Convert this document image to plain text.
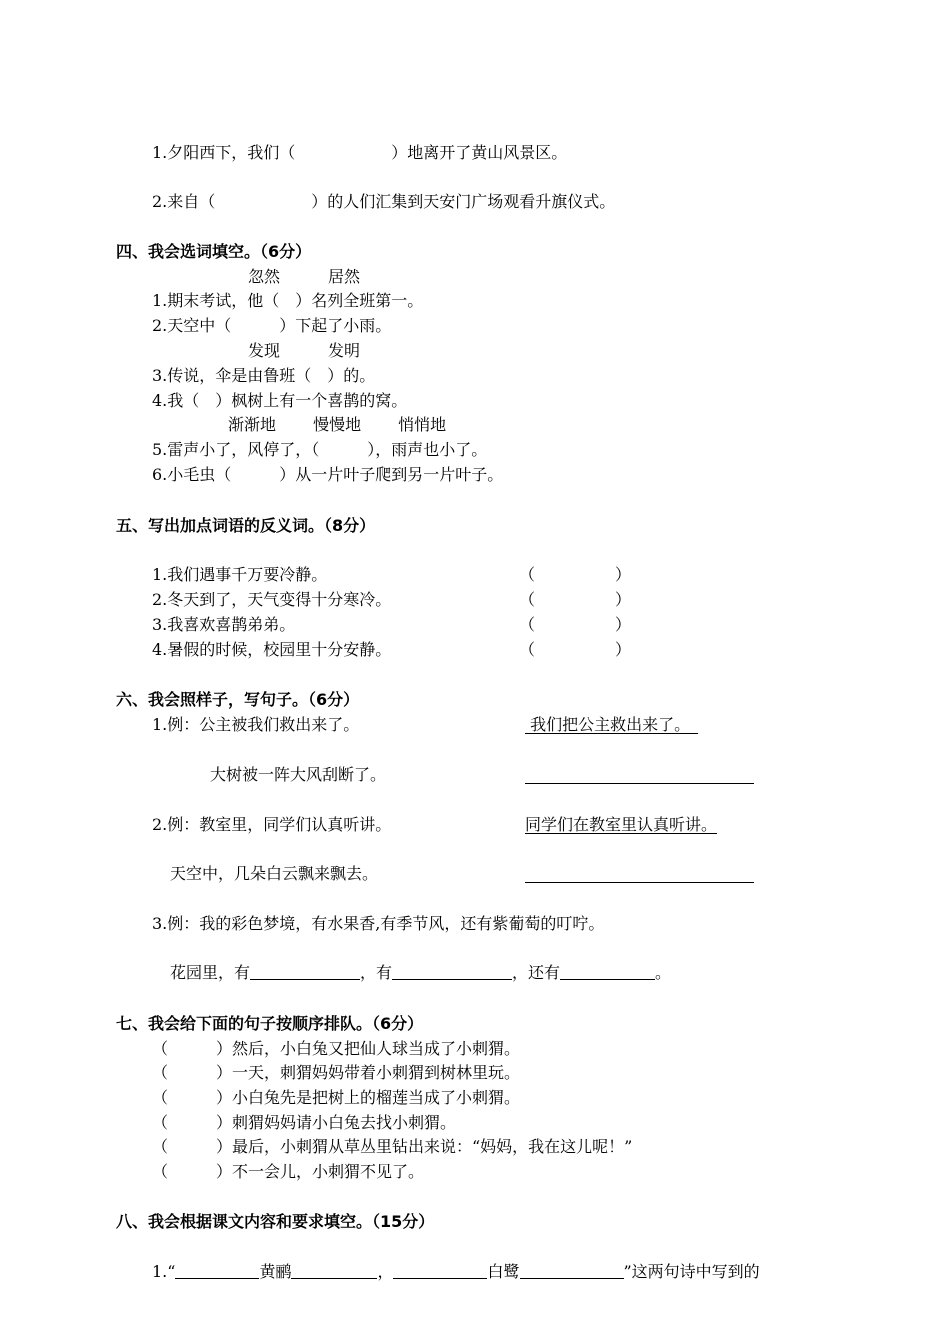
1.夕阳西下，我们（　　　　　　）地离开了黄山风景区。
2.来自（　　　　　　）的人们汇集到天安门广场观看升旗仪式。
四、我会选词填空。（6分）
忽然　　　居然
1.期末考试，他（　）名列全班第一。
2.天空中（　　　）下起了小雨。
发现　　　发明
3.传说，伞是由鲁班（　）的。
4.我（　）枫树上有一个喜鹊的窝。
渐渐地　　 慢慢地　　 悄悄地
5.雷声小了，风停了，（　　　），雨声也小了。
6.小毛虫（　　　）从一片叶子爬到另一片叶子。
五、写出加点词语的反义词。（8分）
1.我们遇事千万要冷静。	（　　　　　）
2.冬天到了，天气变得十分寒冷。	（　　　　　）
3.我喜欢喜鹊弟弟。	（　　　　　）
4.暑假的时候，校园里十分安静。	（　　　　　）
六、我会照样子，写句子。（6分）
1.例：公主被我们救出来了。	我们把公主救出来了。　
大树被一阵大风刮断了。
2.例：教室里，同学们认真听讲。	同学们在教室里认真听讲。
天空中，几朵白云飘来飘去。
3.例：我的彩色梦境，有水果香,有季节风，还有紫葡萄的叮咛。
花园里，有	，有	，还有	。
七、我会给下面的句子按顺序排队。（6分）
（　　　）然后，小白兔又把仙人球当成了小刺猬。
（　　　）一天，刺猬妈妈带着小刺猬到树林里玩。
（　　　）小白兔先是把树上的榴莲当成了小刺猬。
（　　　）刺猬妈妈请小白兔去找小刺猬。
（　　　）最后，小刺猬从草丛里钻出来说：“妈妈，我在这儿呢！”
（　　　）不一会儿，小刺猬不见了。
八、我会根据课文内容和要求填空。（15分）
1.“	黄鹂	，	白鹭	”这两句诗中写到的
